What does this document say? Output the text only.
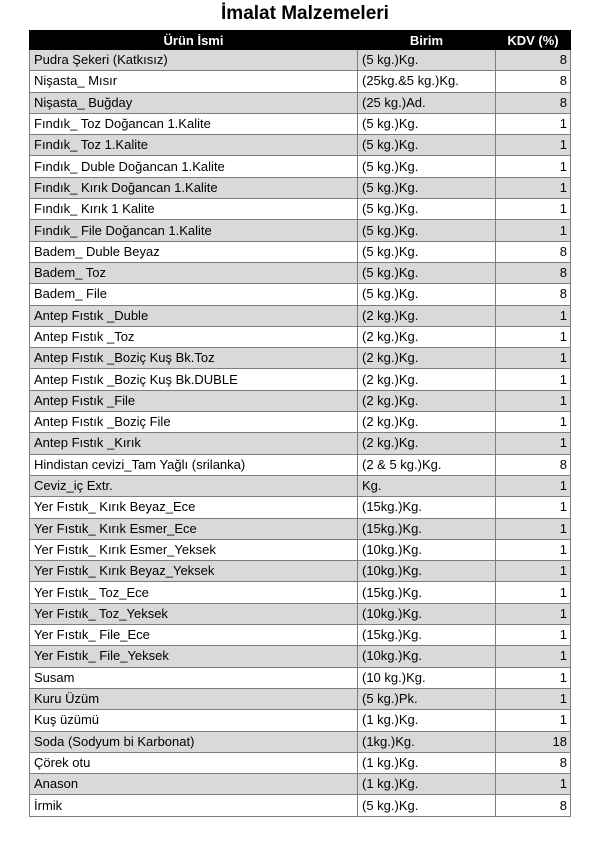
İmalat Malzemeleri
Ürün İsmi	Birim	KDV (%)
Pudra Şekeri (Katkısız)	(5 kg.)Kg.	8
Nişasta_ Mısır	(25kg.&5 kg.)Kg.	8
Nişasta_ Buğday	(25 kg.)Ad.	8
Fındık_ Toz Doğancan 1.Kalite	(5 kg.)Kg.	1
Fındık_ Toz 1.Kalite	(5 kg.)Kg.	1
Fındık_ Duble Doğancan 1.Kalite	(5 kg.)Kg.	1
Fındık_ Kırık Doğancan 1.Kalite	(5 kg.)Kg.	1
Fındık_ Kırık 1 Kalite	(5 kg.)Kg.	1
Fındık_ File Doğancan 1.Kalite	(5 kg.)Kg.	1
Badem_ Duble Beyaz	(5 kg.)Kg.	8
Badem_ Toz	(5 kg.)Kg.	8
Badem_ File	(5 kg.)Kg.	8
Antep Fıstık _Duble	(2 kg.)Kg.	1
Antep Fıstık _Toz	(2 kg.)Kg.	1
Antep Fıstık _Boziç Kuş Bk.Toz	(2 kg.)Kg.	1
Antep Fıstık _Boziç Kuş Bk.DUBLE	(2 kg.)Kg.	1
Antep Fıstık _File	(2 kg.)Kg.	1
Antep Fıstık _Boziç File	(2 kg.)Kg.	1
Antep Fıstık _Kırık	(2 kg.)Kg.	1
Hindistan cevizi_Tam Yağlı (srilanka)	(2 & 5 kg.)Kg.	8
Ceviz_iç Extr.	Kg.	1
Yer Fıstık_ Kırık Beyaz_Ece	(15kg.)Kg.	1
Yer Fıstık_ Kırık Esmer_Ece	(15kg.)Kg.	1
Yer Fıstık_ Kırık Esmer_Yeksek	(10kg.)Kg.	1
Yer Fıstık_ Kırık Beyaz_Yeksek	(10kg.)Kg.	1
Yer Fıstık_ Toz_Ece	(15kg.)Kg.	1
Yer Fıstık_ Toz_Yeksek	(10kg.)Kg.	1
Yer Fıstık_ File_Ece	(15kg.)Kg.	1
Yer Fıstık_ File_Yeksek	(10kg.)Kg.	1
Susam	(10 kg.)Kg.	1
Kuru Üzüm	(5 kg.)Pk.	1
Kuş üzümü	(1 kg.)Kg.	1
Soda (Sodyum bi Karbonat)	(1kg.)Kg.	18
Çörek otu	(1 kg.)Kg.	8
Anason	(1 kg.)Kg.	1
İrmik	(5 kg.)Kg.	8
